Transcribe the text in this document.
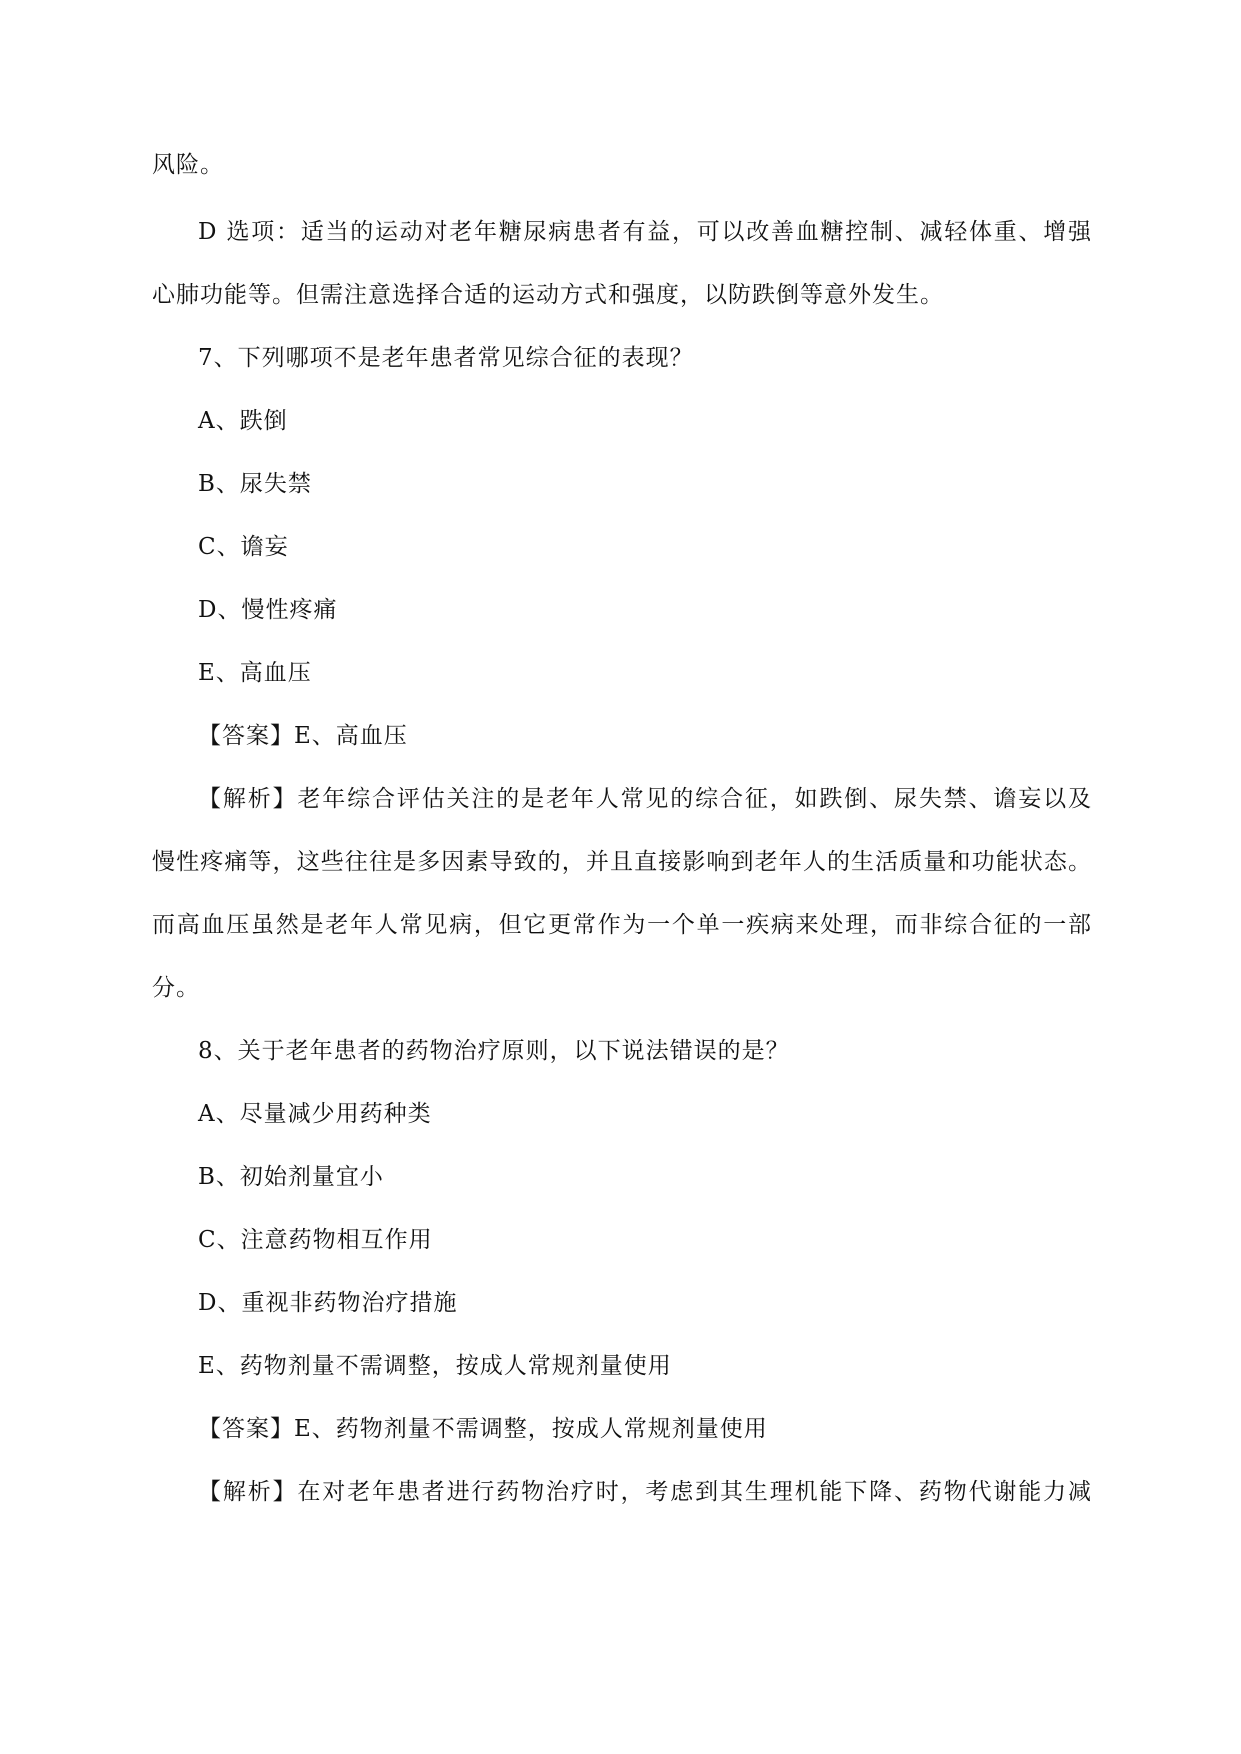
风险。
D 选项：适当的运动对老年糖尿病患者有益，可以改善血糖控制、减轻体重、增强
心肺功能等。但需注意选择合适的运动方式和强度，以防跌倒等意外发生。
7、下列哪项不是老年患者常见综合征的表现？
A、跌倒
B、尿失禁
C、谵妄
D、慢性疼痛
E、高血压
【答案】E、高血压
【解析】老年综合评估关注的是老年人常见的综合征，如跌倒、尿失禁、谵妄以及
慢性疼痛等，这些往往是多因素导致的，并且直接影响到老年人的生活质量和功能状态。
而高血压虽然是老年人常见病，但它更常作为一个单一疾病来处理，而非综合征的一部
分。
8、关于老年患者的药物治疗原则，以下说法错误的是？
A、尽量减少用药种类
B、初始剂量宜小
C、注意药物相互作用
D、重视非药物治疗措施
E、药物剂量不需调整，按成人常规剂量使用
【答案】E、药物剂量不需调整，按成人常规剂量使用
【解析】在对老年患者进行药物治疗时，考虑到其生理机能下降、药物代谢能力减
